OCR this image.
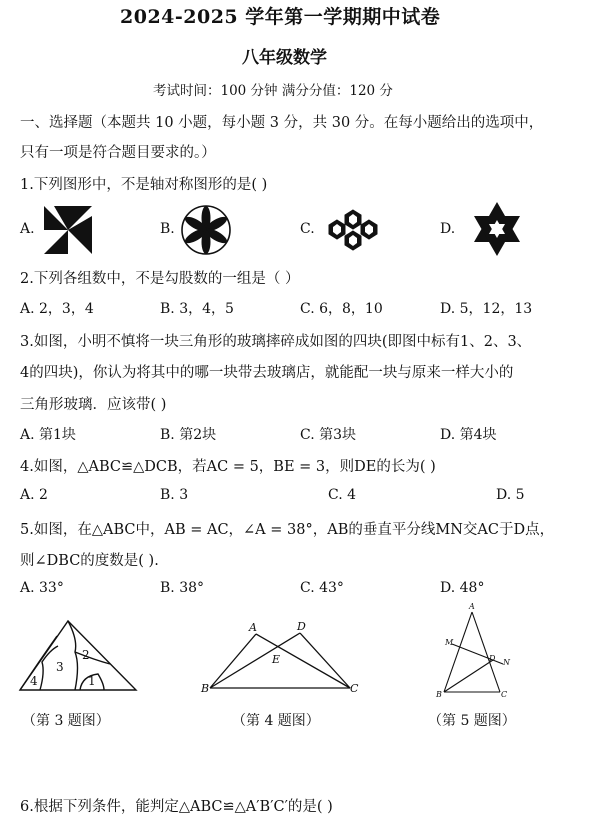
2024-2025 学年第一学期期中试卷
八年级数学
考试时间：100 分钟 满分分值：120 分
一、选择题（本题共 10 小题，每小题 3 分，共 30 分。在每小题给出的选项中，
只有一项是符合题目要求的。）
1.下列图形中，不是轴对称图形的是( )
A.	B.	C.	D.
2.下列各组数中，不是勾股数的一组是（ ）
A. 2，3，4	B. 3，4，5	C. 6，8，10	D. 5，12，13
3.如图，小明不慎将一块三角形的玻璃摔碎成如图的四块(即图中标有1、2、3、
4的四块)，你认为将其中的哪一块带去玻璃店，就能配一块与原来一样大小的
三角形玻璃．应该带( )
A. 第1块	B. 第2块	C. 第3块	D. 第4块
4.如图，△ABC≌△DCB，若AC = 5，BE = 3，则DE的长为( )
A. 2	B. 3	C. 4	D. 5
5.如图，在△ABC中，AB = AC，∠A = 38°，AB的垂直平分线MN交AC于D点，
则∠DBC的度数是( ).
A. 33°	B. 38°	C. 43°	D. 48°
4
3
2
1
A	D
E
B	C
A
M
D N
B	C
（第 3 题图）	（第 4 题图）	（第 5 题图）
6.根据下列条件，能判定△ABC≌△A′B′C′的是( )
